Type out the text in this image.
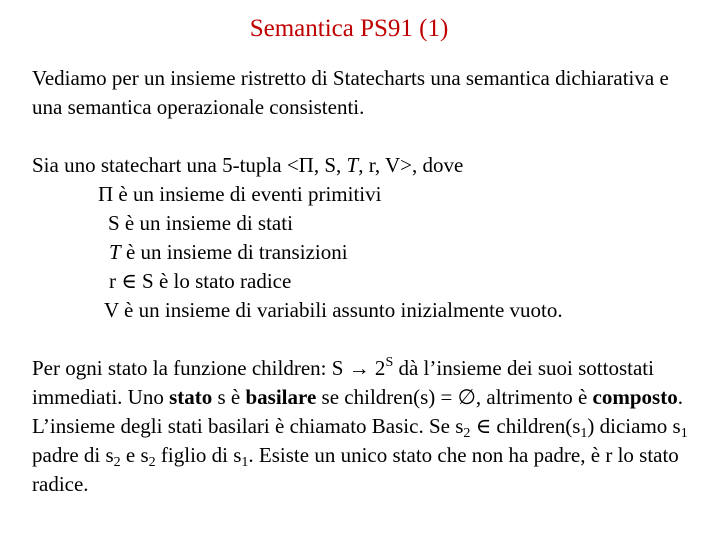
Semantica PS91 (1)

Vediamo per un insieme ristretto di Statecharts una semantica dichiarativa e una semantica operazionale consistenti.

Sia uno statechart una 5-tupla <Π, S, T, r, V>, dove
Π è un insieme di eventi primitivi
S è un insieme di stati
T è un insieme di transizioni
r ∈ S è lo stato radice
V è un insieme di variabili assunto inizialmente vuoto.

Per ogni stato la funzione children: $S \to 2^S$ dà l’insieme dei suoi sottostati immediati. Uno stato s è basilare se children(s) = ∅, altrimento è composto. L’insieme degli stati basilari è chiamato Basic. Se $s_2$ ∈ $children(s_1)$ diciamo $s_1$ padre di $s_2$ e $s_2$ figlio di $s_1$. Esiste un unico stato che non ha padre, è r lo stato radice.
